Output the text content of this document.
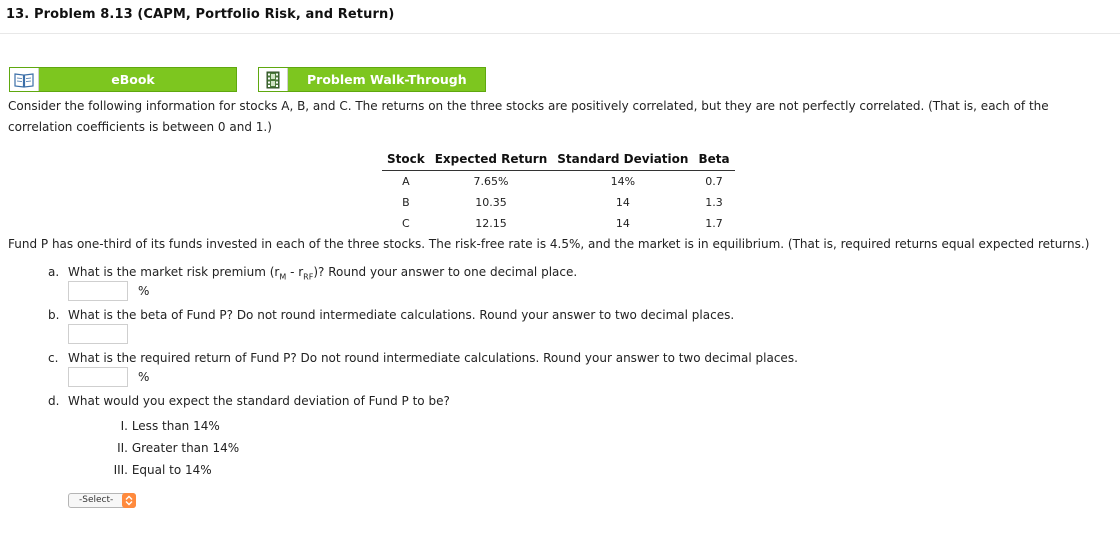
13. Problem 8.13 (CAPM, Portfolio Risk, and Return)
eBook	Problem Walk-Through
Consider the following information for stocks A, B, and C. The returns on the three stocks are positively correlated, but they are not perfectly correlated. (That is, each of the correlation coefficients is between 0 and 1.)
Stock	Expected Return	Standard Deviation	Beta
A	7.65%	14%	0.7
B	10.35	14	1.3
C	12.15	14	1.7
Fund P has one-third of its funds invested in each of the three stocks. The risk-free rate is 4.5%, and the market is in equilibrium. (That is, required returns equal expected returns.)
a. What is the market risk premium $(r_M - r_{RF})$? Round your answer to one decimal place.
%
b. What is the beta of Fund P? Do not round intermediate calculations. Round your answer to two decimal places.
c. What is the required return of Fund P? Do not round intermediate calculations. Round your answer to two decimal places.
%
d. What would you expect the standard deviation of Fund P to be?
I. Less than 14%
II. Greater than 14%
III. Equal to 14%
-Select-
